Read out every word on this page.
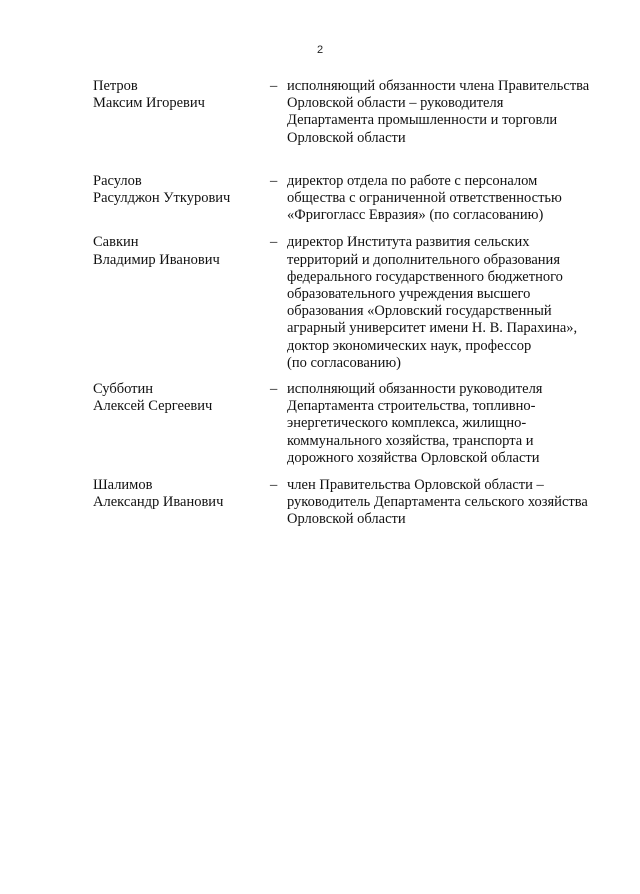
2
Петров
Максим Игоревич
– исполняющий обязанности члена Правительства
Орловской области – руководителя
Департамента промышленности и торговли
Орловской области
Расулов
Расулджон Уткурович
– директор отдела по работе с персоналом
общества с ограниченной ответственностью
«Фригогласс Евразия» (по согласованию)
Савкин
Владимир Иванович
– директор Института развития сельских
территорий и дополнительного образования
федерального государственного бюджетного
образовательного учреждения высшего
образования «Орловский государственный
аграрный университет имени Н. В. Парахина»,
доктор экономических наук, профессор
(по согласованию)
Субботин
Алексей Сергеевич
– исполняющий обязанности руководителя
Департамента строительства, топливно-
энергетического комплекса, жилищно-
коммунального хозяйства, транспорта и
дорожного хозяйства Орловской области
Шалимов
Александр Иванович
– член Правительства Орловской области –
руководитель Департамента сельского хозяйства
Орловской области
